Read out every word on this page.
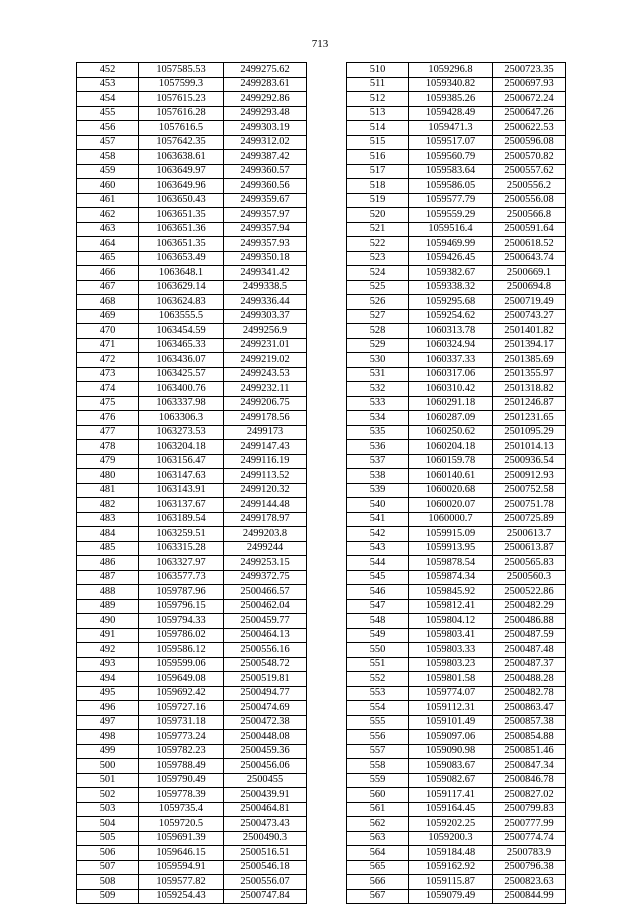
713
452	1057585.53	2499275.62
453	1057599.3	2499283.61
454	1057615.23	2499292.86
455	1057616.28	2499293.48
456	1057616.5	2499303.19
457	1057642.35	2499312.02
458	1063638.61	2499387.42
459	1063649.97	2499360.57
460	1063649.96	2499360.56
461	1063650.43	2499359.67
462	1063651.35	2499357.97
463	1063651.36	2499357.94
464	1063651.35	2499357.93
465	1063653.49	2499350.18
466	1063648.1	2499341.42
467	1063629.14	2499338.5
468	1063624.83	2499336.44
469	1063555.5	2499303.37
470	1063454.59	2499256.9
471	1063465.33	2499231.01
472	1063436.07	2499219.02
473	1063425.57	2499243.53
474	1063400.76	2499232.11
475	1063337.98	2499206.75
476	1063306.3	2499178.56
477	1063273.53	2499173
478	1063204.18	2499147.43
479	1063156.47	2499116.19
480	1063147.63	2499113.52
481	1063143.91	2499120.32
482	1063137.67	2499144.48
483	1063189.54	2499178.97
484	1063259.51	2499203.8
485	1063315.28	2499244
486	1063327.97	2499253.15
487	1063577.73	2499372.75
488	1059787.96	2500466.57
489	1059796.15	2500462.04
490	1059794.33	2500459.77
491	1059786.02	2500464.13
492	1059586.12	2500556.16
493	1059599.06	2500548.72
494	1059649.08	2500519.81
495	1059692.42	2500494.77
496	1059727.16	2500474.69
497	1059731.18	2500472.38
498	1059773.24	2500448.08
499	1059782.23	2500459.36
500	1059788.49	2500456.06
501	1059790.49	2500455
502	1059778.39	2500439.91
503	1059735.4	2500464.81
504	1059720.5	2500473.43
505	1059691.39	2500490.3
506	1059646.15	2500516.51
507	1059594.91	2500546.18
508	1059577.82	2500556.07
509	1059254.43	2500747.84
510	1059296.8	2500723.35
511	1059340.82	2500697.93
512	1059385.26	2500672.24
513	1059428.49	2500647.26
514	1059471.3	2500622.53
515	1059517.07	2500596.08
516	1059560.79	2500570.82
517	1059583.64	2500557.62
518	1059586.05	2500556.2
519	1059577.79	2500556.08
520	1059559.29	2500566.8
521	1059516.4	2500591.64
522	1059469.99	2500618.52
523	1059426.45	2500643.74
524	1059382.67	2500669.1
525	1059338.32	2500694.8
526	1059295.68	2500719.49
527	1059254.62	2500743.27
528	1060313.78	2501401.82
529	1060324.94	2501394.17
530	1060337.33	2501385.69
531	1060317.06	2501355.97
532	1060310.42	2501318.82
533	1060291.18	2501246.87
534	1060287.09	2501231.65
535	1060250.62	2501095.29
536	1060204.18	2501014.13
537	1060159.78	2500936.54
538	1060140.61	2500912.93
539	1060020.68	2500752.58
540	1060020.07	2500751.78
541	1060000.7	2500725.89
542	1059915.09	2500613.7
543	1059913.95	2500613.87
544	1059878.54	2500565.83
545	1059874.34	2500560.3
546	1059845.92	2500522.86
547	1059812.41	2500482.29
548	1059804.12	2500486.88
549	1059803.41	2500487.59
550	1059803.33	2500487.48
551	1059803.23	2500487.37
552	1059801.58	2500488.28
553	1059774.07	2500482.78
554	1059112.31	2500863.47
555	1059101.49	2500857.38
556	1059097.06	2500854.88
557	1059090.98	2500851.46
558	1059083.67	2500847.34
559	1059082.67	2500846.78
560	1059117.41	2500827.02
561	1059164.45	2500799.83
562	1059202.25	2500777.99
563	1059200.3	2500774.74
564	1059184.48	2500783.9
565	1059162.92	2500796.38
566	1059115.87	2500823.63
567	1059079.49	2500844.99
